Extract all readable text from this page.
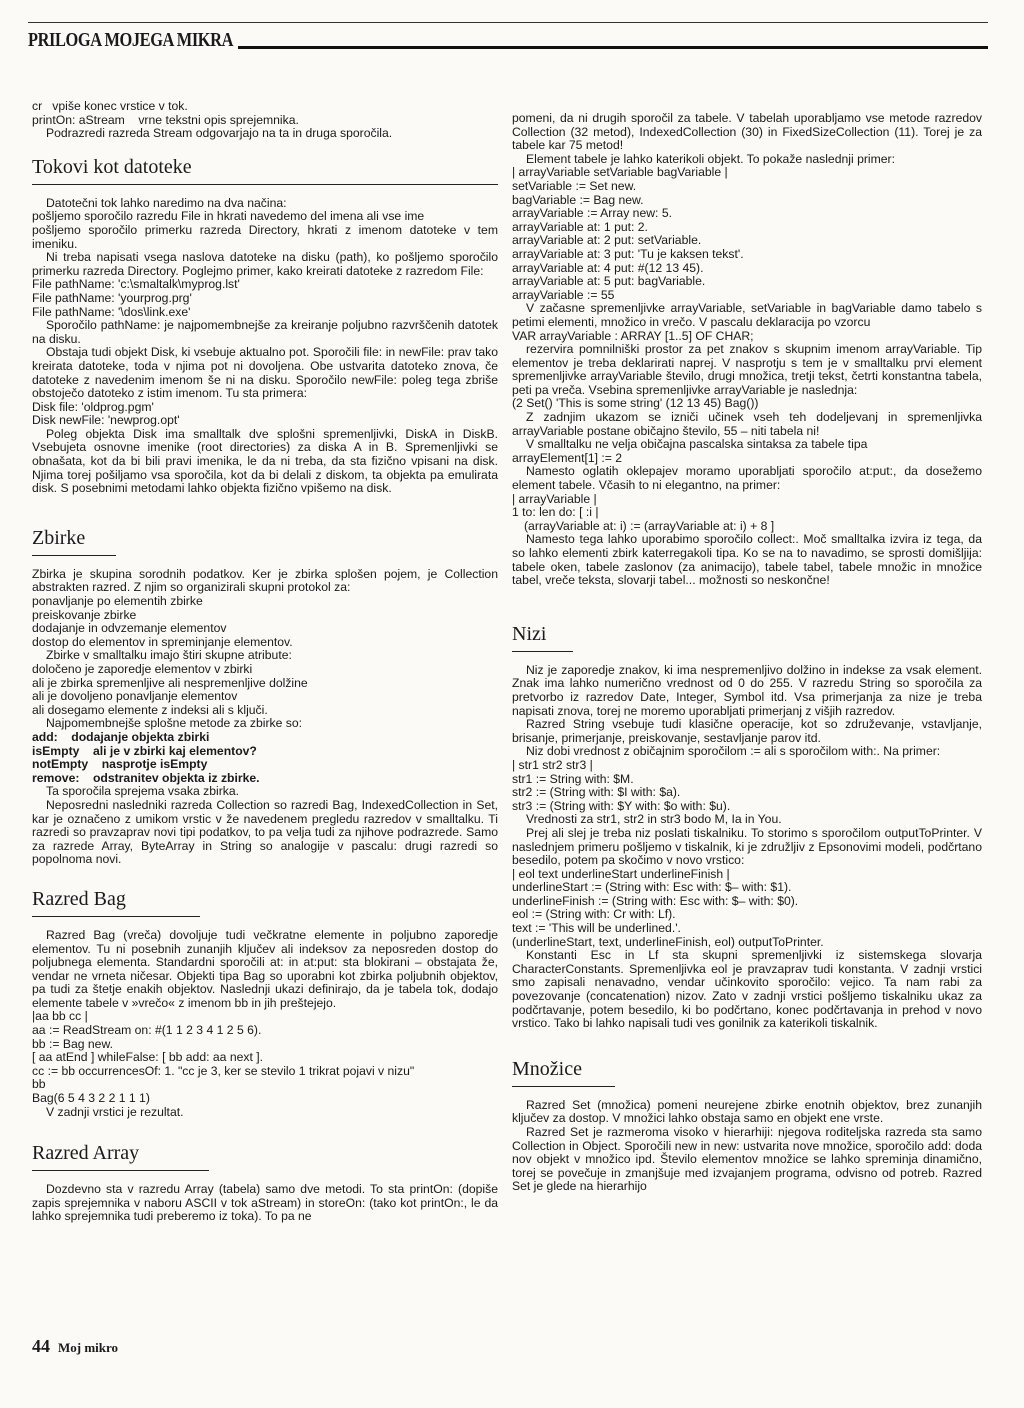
PRILOGA MOJEGA MIKRA

cr   vpiše konec vrstice v tok.

printOn: aStream    vrne tekstni opis sprejemnika.

Podrazredi razreda Stream odgovarjajo na ta in druga sporočila.

Tokovi kot datoteke

Datotečni tok lahko naredimo na dva načina:

pošljemo sporočilo razredu File in hkrati navedemo del imena ali vse ime

pošljemo sporočilo primerku razreda Directory, hkrati z imenom datoteke v tem imeniku.

Ni treba napisati vsega naslova datoteke na disku (path), ko pošljemo sporočilo primerku razreda Directory. Poglejmo primer, kako kreirati datoteke z razredom File:

File pathName: 'c:\smaltalk\myprog.lst'

File pathName: 'yourprog.prg'

File pathName: '\dos\link.exe'

Sporočilo pathName: je najpomembnejše za kreiranje poljubno razvrščenih datotek na disku.

Obstaja tudi objekt Disk, ki vsebuje aktualno pot. Sporočili file: in newFile: prav tako kreirata datoteke, toda v njima pot ni dovoljena. Obe ustvarita datoteko znova, če datoteke z navedenim imenom še ni na disku. Sporočilo newFile: poleg tega zbriše obstoječo datoteko z istim imenom. Tu sta primera:

Disk file: 'oldprog.pgm'

Disk newFile: 'newprog.opt'

Poleg objekta Disk ima smalltalk dve splošni spremenljivki, DiskA in DiskB. Vsebujeta osnovne imenike (root directories) za diska A in B. Spremenljivki se obnašata, kot da bi bili pravi imenika, le da ni treba, da sta fizično vpisani na disk. Njima torej pošiljamo vsa sporočila, kot da bi delali z diskom, ta objekta pa emulirata disk. S posebnimi metodami lahko objekta fizično vpišemo na disk.

Zbirke

Zbirka je skupina sorodnih podatkov. Ker je zbirka splošen pojem, je Collection abstrakten razred. Z njim so organizirali skupni protokol za:

ponavljanje po elementih zbirke

preiskovanje zbirke

dodajanje in odvzemanje elementov

dostop do elementov in spreminjanje elementov.

Zbirke v smalltalku imajo štiri skupne atribute:

določeno je zaporedje elementov v zbirki

ali je zbirka spremenljive ali nespremenljive dolžine

ali je dovoljeno ponavljanje elementov

ali dosegamo elemente z indeksi ali s ključi.

Najpomembnejše splošne metode za zbirke so:

add:    dodajanje objekta zbirki

isEmpty    ali je v zbirki kaj elementov?

notEmpty    nasprotje isEmpty

remove:    odstranitev objekta iz zbirke.

Ta sporočila sprejema vsaka zbirka.

Neposredni nasledniki razreda Collection so razredi Bag, IndexedCollection in Set, kar je označeno z umikom vrstic v že navedenem pregledu razredov v smalltalku. Ti razredi so pravzaprav novi tipi podatkov, to pa velja tudi za njihove podrazrede. Samo za razrede Array, ByteArray in String so analogije v pascalu: drugi razredi so popolnoma novi.

Razred Bag

Razred Bag (vreča) dovoljuje tudi večkratne elemente in poljubno zaporedje elementov. Tu ni posebnih zunanjih ključev ali indeksov za neposreden dostop do poljubnega elementa. Standardni sporočili at: in at:put: sta blokirani – obstajata že, vendar ne vrneta ničesar. Objekti tipa Bag so uporabni kot zbirka poljubnih objektov, pa tudi za štetje enakih objektov. Naslednji ukazi definirajo, da je tabela tok, dodajo elemente tabele v »vrečo« z imenom bb in jih preštejejo.

|aa bb cc |

aa := ReadStream on: #(1 1 2 3 4 1 2 5 6).

bb := Bag new.

[ aa atEnd ] whileFalse: [ bb add: aa next ].

cc := bb occurrencesOf: 1. "cc je 3, ker se stevilo 1 trikrat pojavi v nizu"

bb

Bag(6 5 4 3 2 2 1 1 1)

V zadnji vrstici je rezultat.

Razred Array

Dozdevno sta v razredu Array (tabela) samo dve metodi. To sta printOn: (dopiše zapis sprejemnika v naboru ASCII v tok aStream) in storeOn: (tako kot printOn:, le da lahko sprejemnika tudi preberemo iz toka). To pa ne

pomeni, da ni drugih sporočil za tabele. V tabelah uporabljamo vse metode razredov Collection (32 metod), IndexedCollection (30) in FixedSizeCollection (11). Torej je za tabele kar 75 metod!

Element tabele je lahko katerikoli objekt. To pokaže naslednji primer:

| arrayVariable setVariable bagVariable |

setVariable := Set new.

bagVariable := Bag new.

arrayVariable := Array new: 5.

arrayVariable at: 1 put: 2.

arrayVariable at: 2 put: setVariable.

arrayVariable at: 3 put: 'Tu je kaksen tekst'.

arrayVariable at: 4 put: #(12 13 45).

arrayVariable at: 5 put: bagVariable.

arrayVariable := 55

V začasne spremenljivke arrayVariable, setVariable in bagVariable damo tabelo s petimi elementi, množico in vrečo. V pascalu deklaracija po vzorcu

VAR arrayVariable : ARRAY [1..5] OF CHAR;

rezervira pomnilniški prostor za pet znakov s skupnim imenom arrayVariable. Tip elementov je treba deklarirati naprej. V nasprotju s tem je v smalltalku prvi element spremenljivke arrayVariable število, drugi množica, tretji tekst, četrti konstantna tabela, peti pa vreča. Vsebina spremenljivke arrayVariable je naslednja:

(2 Set() 'This is some string' (12 13 45) Bag())

Z zadnjim ukazom se izniči učinek vseh teh dodeljevanj in spremenljivka arrayVariable postane običajno število, 55 – niti tabela ni!

V smalltalku ne velja običajna pascalska sintaksa za tabele tipa

arrayElement[1] := 2

Namesto oglatih oklepajev moramo uporabljati sporočilo at:put:, da dosežemo element tabele. Včasih to ni elegantno, na primer:

| arrayVariable |

1 to: len do: [ :i |

(arrayVariable at: i) := (arrayVariable at: i) + 8 ]

Namesto tega lahko uporabimo sporočilo collect:. Moč smalltalka izvira iz tega, da so lahko elementi zbirk katerregakoli tipa. Ko se na to navadimo, se sprosti domišljija: tabele oken, tabele zaslonov (za animacijo), tabele tabel, tabele množic in množice tabel, vreče teksta, slovarji tabel... možnosti so neskončne!

Nizi

Niz je zaporedje znakov, ki ima nespremenljivo dolžino in indekse za vsak element. Znak ima lahko numerično vrednost od 0 do 255. V razredu String so sporočila za pretvorbo iz razredov Date, Integer, Symbol itd. Vsa primerjanja za nize je treba napisati znova, torej ne moremo uporabljati primerjanj z višjih razredov.

Razred String vsebuje tudi klasične operacije, kot so združevanje, vstavljanje, brisanje, primerjanje, preiskovanje, sestavljanje parov itd.

Niz dobi vrednost z običajnim sporočilom := ali s sporočilom with:. Na primer:

| str1 str2 str3 |

str1 := String with: $M.

str2 := (String with: $I with: $a).

str3 := (String with: $Y with: $o with: $u).

Vrednosti za str1, str2 in str3 bodo M, Ia in You.

Prej ali slej je treba niz poslati tiskalniku. To storimo s sporočilom outputToPrinter. V naslednjem primeru pošljemo v tiskalnik, ki je združljiv z Epsonovimi modeli, podčrtano besedilo, potem pa skočimo v novo vrstico:

| eol text underlineStart underlineFinish |

underlineStart := (String with: Esc with: $– with: $1).

underlineFinish := (String with: Esc with: $– with: $0).

eol := (String with: Cr with: Lf).

text := 'This will be underlined.'.

(underlineStart, text, underlineFinish, eol) outputToPrinter.

Konstanti Esc in Lf sta skupni spremenljivki iz sistemskega slovarja CharacterConstants. Spremenljivka eol je pravzaprav tudi konstanta. V zadnji vrstici smo zapisali nenavadno, vendar učinkovito sporočilo: vejico. Ta nam rabi za povezovanje (concatenation) nizov. Zato v zadnji vrstici pošljemo tiskalniku ukaz za podčrtavanje, potem besedilo, ki bo podčrtano, konec podčrtavanja in prehod v novo vrstico. Tako bi lahko napisali tudi ves gonilnik za katerikoli tiskalnik.

Množice

Razred Set (množica) pomeni neurejene zbirke enotnih objektov, brez zunanjih ključev za dostop. V množici lahko obstaja samo en objekt ene vrste.

Razred Set je razmeroma visoko v hierarhiji: njegova roditeljska razreda sta samo Collection in Object. Sporočili new in new: ustvarita nove množice, sporočilo add: doda nov objekt v množico ipd. Število elementov množice se lahko spreminja dinamično, torej se povečuje in zmanjšuje med izvajanjem programa, odvisno od potreb. Razred Set je glede na hierarhijo

44 Moj mikro
